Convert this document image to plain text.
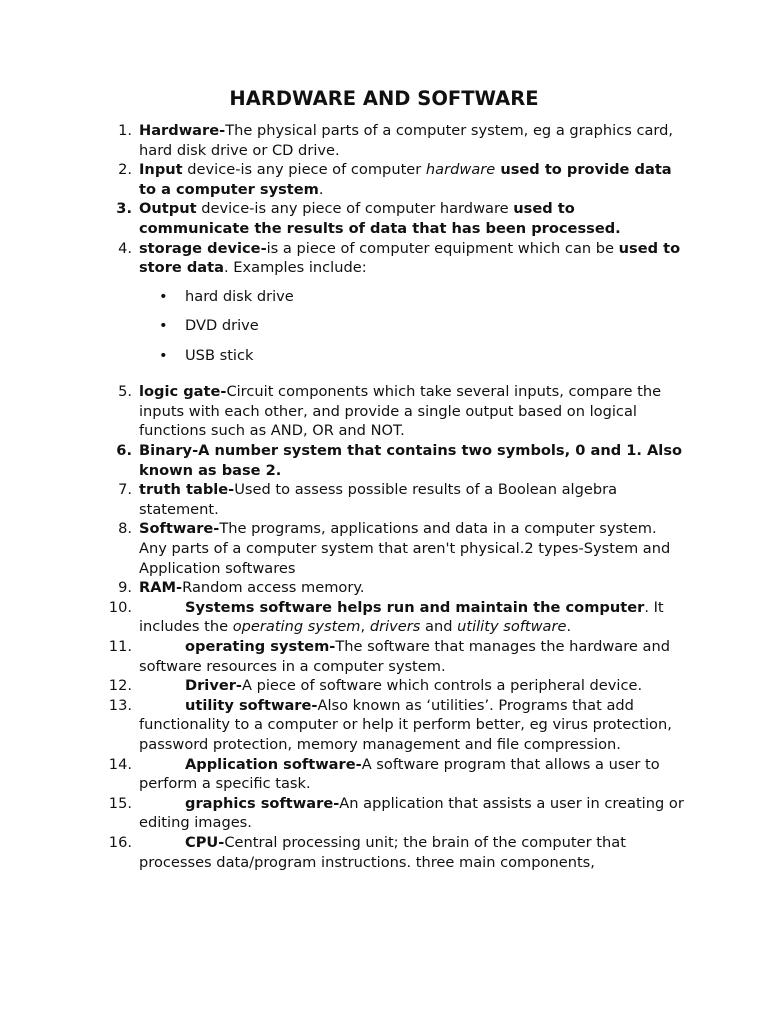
HARDWARE AND SOFTWARE
1. Hardware-The physical parts of a computer system, eg a graphics card, hard disk drive or CD drive.
2. Input device-is any piece of computer hardware used to provide data to a computer system.
3. Output device-is any piece of computer hardware used to communicate the results of data that has been processed.
4. storage device-is a piece of computer equipment which can be used to store data. Examples include:
• hard disk drive
• DVD drive
• USB stick
5. logic gate-Circuit components which take several inputs, compare the inputs with each other, and provide a single output based on logical functions such as AND, OR and NOT.
6. Binary-A number system that contains two symbols, 0 and 1. Also known as base 2.
7. truth table-Used to assess possible results of a Boolean algebra statement.
8. Software-The programs, applications and data in a computer system. Any parts of a computer system that aren't physical.2 types-System and Application softwares
9. RAM-Random access memory.
10.	Systems software helps run and maintain the computer. It includes the operating system, drivers and utility software.
11.	operating system-The software that manages the hardware and software resources in a computer system.
12.	Driver-A piece of software which controls a peripheral device.
13.	utility software-Also known as ‘utilities’. Programs that add functionality to a computer or help it perform better, eg virus protection, password protection, memory management and file compression.
14.	Application software-A software program that allows a user to perform a specific task.
15.	graphics software-An application that assists a user in creating or editing images.
16.	CPU-Central processing unit; the brain of the computer that processes data/program instructions. three main components,
